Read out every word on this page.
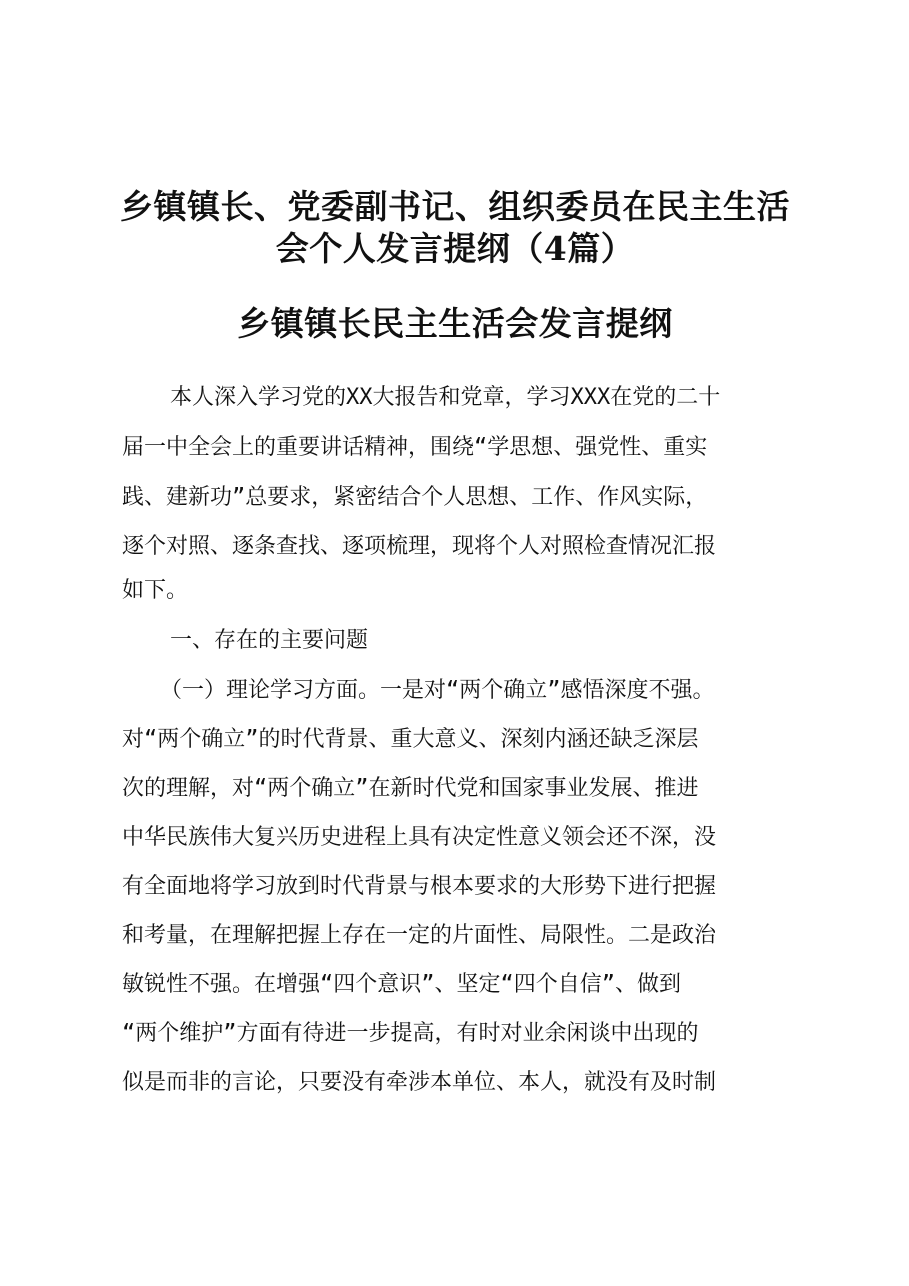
乡镇镇长、党委副书记、组织委员在民主生活
会个人发言提纲（4篇）
乡镇镇长民主生活会发言提纲
本人深入学习党的XX大报告和党章，学习XXX在党的二十
届一中全会上的重要讲话精神，围绕“学思想、强党性、重实
践、建新功”总要求，紧密结合个人思想、工作、作风实际，
逐个对照、逐条查找、逐项梳理，现将个人对照检查情况汇报
如下。
一、存在的主要问题
（一）理论学习方面。一是对“两个确立”感悟深度不强。
对“两个确立”的时代背景、重大意义、深刻内涵还缺乏深层
次的理解，对“两个确立”在新时代党和国家事业发展、推进
中华民族伟大复兴历史进程上具有决定性意义领会还不深，没
有全面地将学习放到时代背景与根本要求的大形势下进行把握
和考量，在理解把握上存在一定的片面性、局限性。二是政治
敏锐性不强。在增强“四个意识”、坚定“四个自信”、做到
“两个维护”方面有待进一步提高，有时对业余闲谈中出现的
似是而非的言论，只要没有牵涉本单位、本人，就没有及时制
